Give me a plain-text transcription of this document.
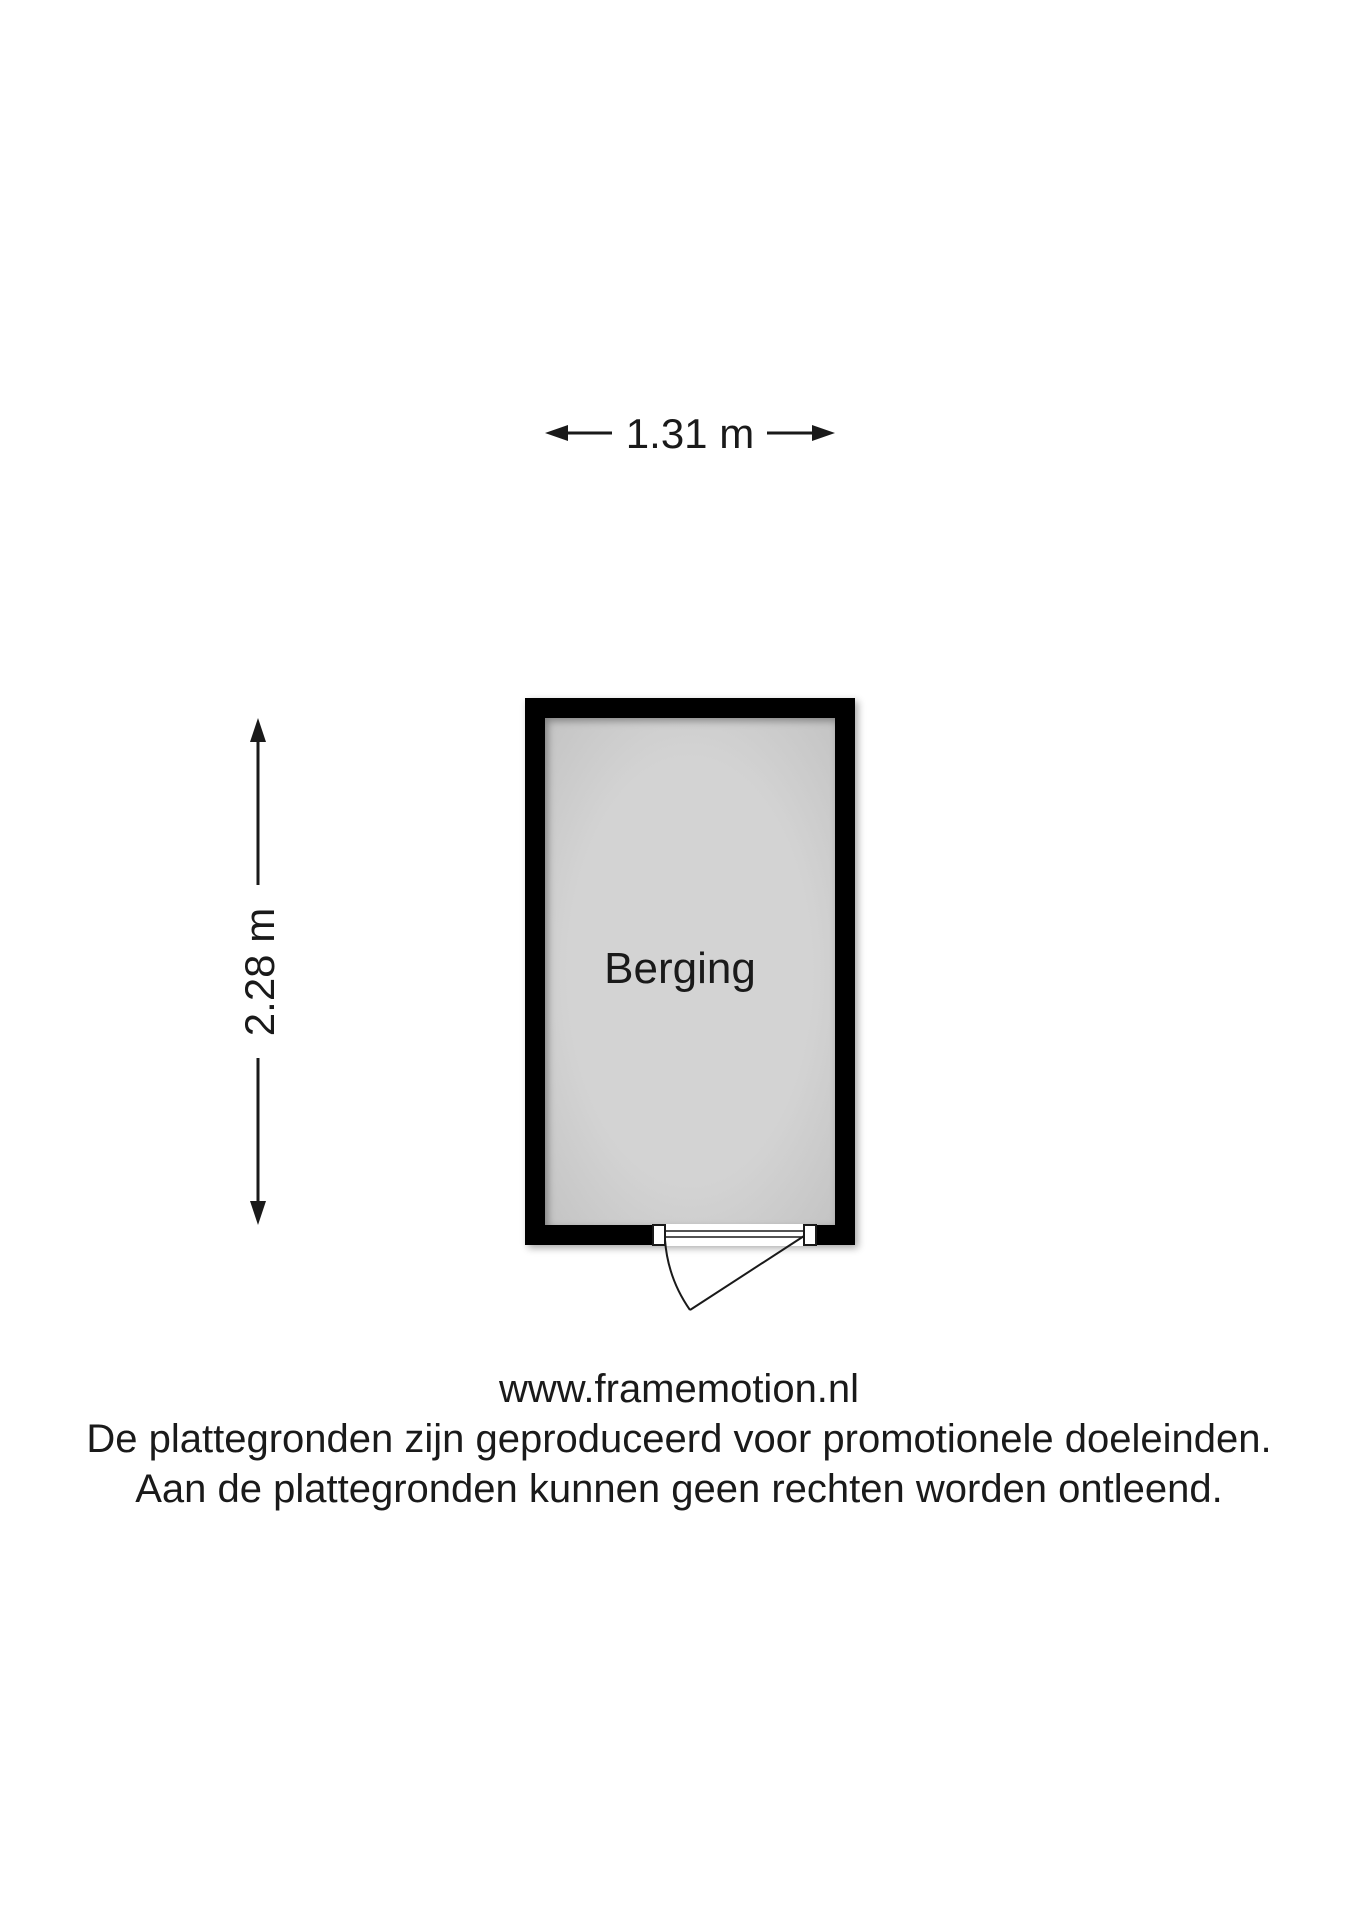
1.31 m
2.28 m	Berging
www.framemotion.nl
De plattegronden zijn geproduceerd voor promotionele doeleinden.
Aan de plattegronden kunnen geen rechten worden ontleend.
